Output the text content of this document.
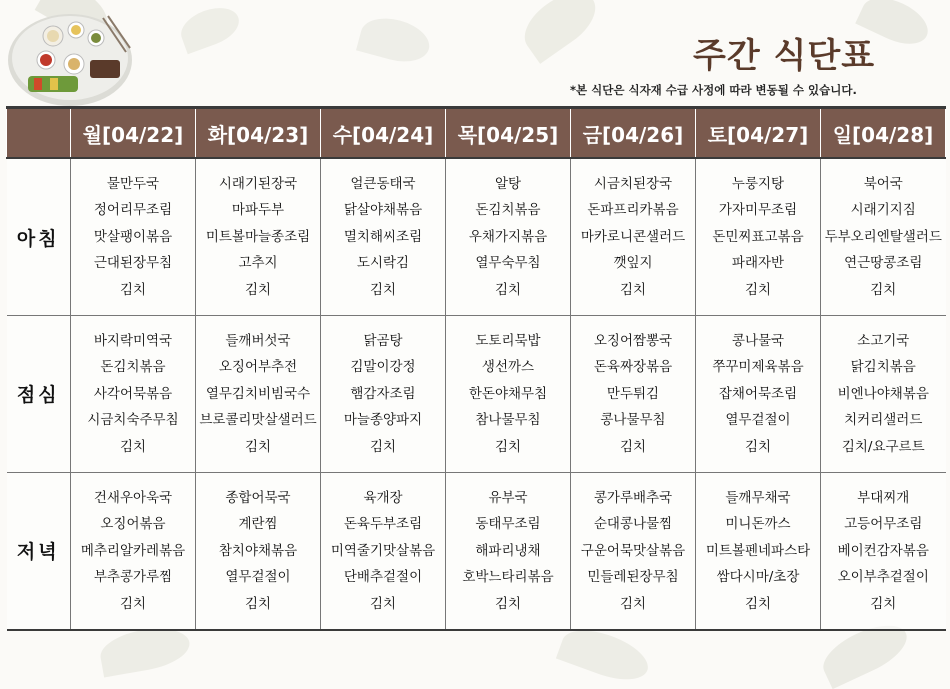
주간 식단표
*본 식단은 식자재 수급 사정에 따라 변동될 수 있습니다.
	월[04/22]	화[04/23]	수[04/24]	목[04/25]	금[04/26]	토[04/27]	일[04/28]
아침	물만두국
정어리무조림
맛살팽이볶음
근대된장무침
김치	시래기된장국
마파두부
미트볼마늘종조림
고추지
김치	얼큰동태국
닭살야채볶음
멸치해씨조림
도시락김
김치	알탕
돈김치볶음
우채가지볶음
열무숙무침
김치	시금치된장국
돈파프리카볶음
마카로니콘샐러드
깻잎지
김치	누룽지탕
가자미무조림
돈민찌표고볶음
파래자반
김치	북어국
시래기지짐
두부오리엔탈샐러드
연근땅콩조림
김치

점심	바지락미역국
돈김치볶음
사각어묵볶음
시금치숙주무침
김치	들깨버섯국
오징어부추전
열무김치비빔국수
브로콜리맛살샐러드
김치	닭곰탕
김말이강정
햄감자조림
마늘종양파지
김치	도토리묵밥
생선까스
한돈야채무침
참나물무침
김치	오징어짬뽕국
돈육짜장볶음
만두튀김
콩나물무침
김치	콩나물국
쭈꾸미제육볶음
잡채어묵조림
열무겉절이
김치	소고기국
닭김치볶음
비엔나야채볶음
치커리샐러드
김치/요구르트

저녁	건새우아욱국
오징어볶음
메추리알카레볶음
부추콩가루찜
김치	종합어묵국
계란찜
참치야채볶음
열무겉절이
김치	육개장
돈육두부조림
미역줄기맛살볶음
단배추겉절이
김치	유부국
동태무조림
해파리냉채
호박느타리볶음
김치	콩가루배추국
순대콩나물찜
구운어묵맛살볶음
민들레된장무침
김치	들깨무채국
미니돈까스
미트볼펜네파스타
쌈다시마/초장
김치	부대찌개
고등어무조림
베이컨감자볶음
오이부추겉절이
김치
